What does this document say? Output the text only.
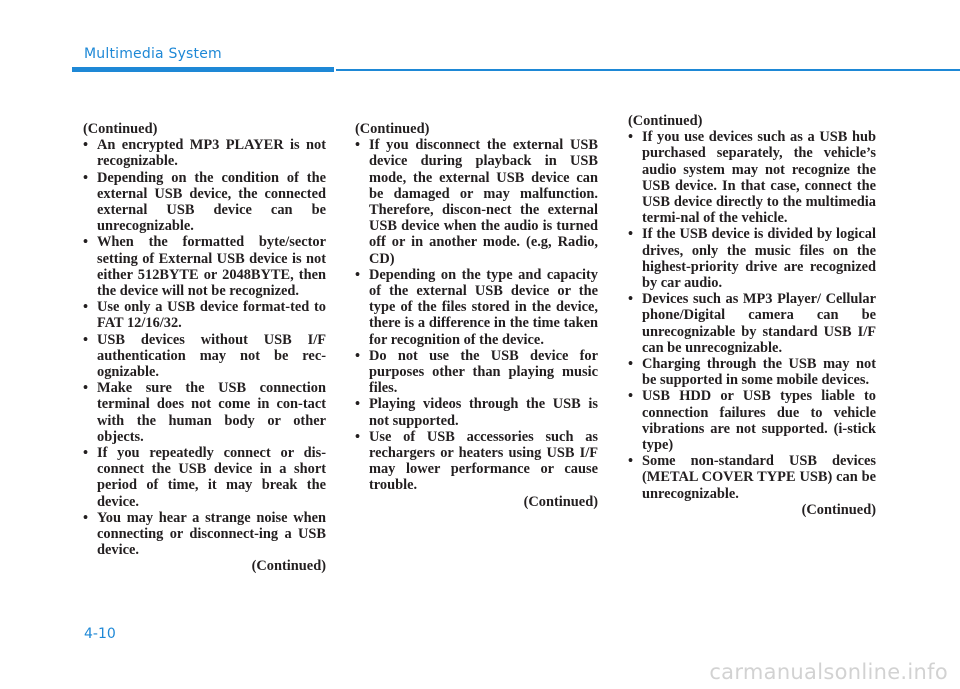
Multimedia System

(Continued)

• An encrypted MP3 PLAYER is not recognizable.
• Depending on the condition of the external USB device, the connected external USB device can be unrecognizable.
• When the formatted byte/sector setting of External USB device is not either 512BYTE or 2048BYTE, then the device will not be recognized.
• Use only a USB device format-ted to FAT 12/16/32.
• USB devices without USB I/F authentication may not be rec-ognizable.
• Make sure the USB connection terminal does not come in con-tact with the human body or other objects.
• If you repeatedly connect or dis-connect the USB device in a short period of time, it may break the device.
• You may hear a strange noise when connecting or disconnect-ing a USB device.

(Continued)

(Continued)

• If you disconnect the external USB device during playback in USB mode, the external USB device can be damaged or may malfunction. Therefore, discon-nect the external USB device when the audio is turned off or in another mode. (e.g, Radio, CD)
• Depending on the type and capacity of the external USB device or the type of the files stored in the device, there is a difference in the time taken for recognition of the device.
• Do not use the USB device for purposes other than playing music files.
• Playing videos through the USB is not supported.
• Use of USB accessories such as rechargers or heaters using USB I/F may lower performance or cause trouble.

(Continued)

(Continued)

• If you use devices such as a USB hub purchased separately, the vehicle’s audio system may not recognize the USB device. In that case, connect the USB device directly to the multimedia termi-nal of the vehicle.
• If the USB device is divided by logical drives, only the music files on the highest-priority drive are recognized by car audio.
• Devices such as MP3 Player/ Cellular phone/Digital camera can be unrecognizable by standard USB I/F can be unrecognizable.
• Charging through the USB may not be supported in some mobile devices.
• USB HDD or USB types liable to connection failures due to vehicle vibrations are not supported. (i-stick type)
• Some non-standard USB devices (METAL COVER TYPE USB) can be unrecognizable.

(Continued)

4-10
carmanualsonline.info
